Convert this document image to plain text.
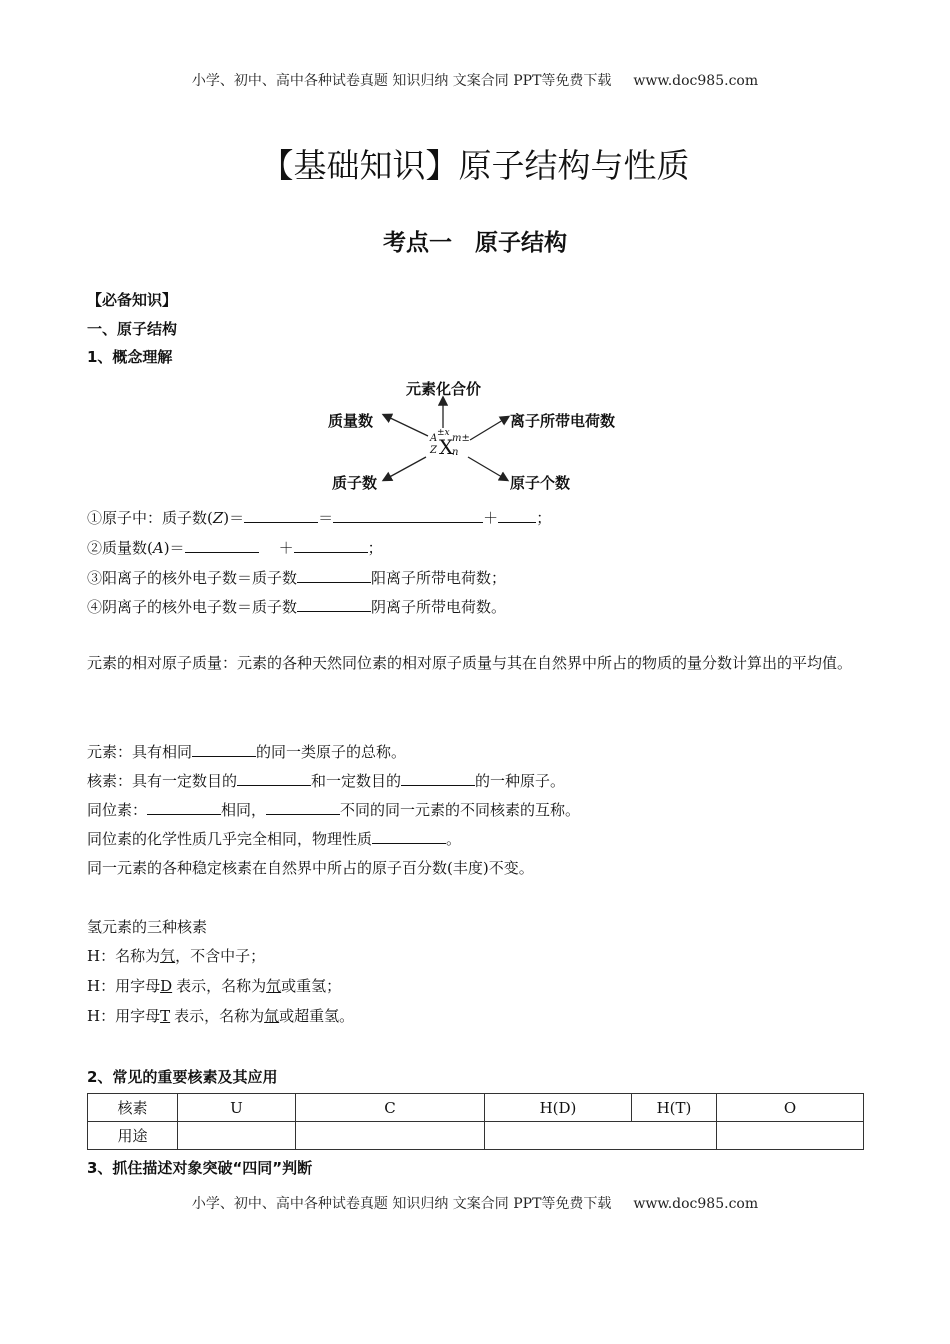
小学、初中、高中各种试卷真题 知识归纳 文案合同 PPT等免费下载 www.doc985.com
【基础知识】原子结构与性质
考点一　原子结构
【必备知识】
一、原子结构
1、概念理解
元素化合价
质量数	离子所带电荷数
质子数	原子个数
A
Z
±x
X
m±
n
①原子中：质子数(Z)＝	＝	＋	；
②质量数(A)＝	＋	；
③阳离子的核外电子数＝质子数	阳离子所带电荷数；
④阴离子的核外电子数＝质子数	阴离子所带电荷数。
元素的相对原子质量：元素的各种天然同位素的相对原子质量与其在自然界中所占的物质的量分数计算出的平均值。
元素：具有相同	的同一类原子的总称。
核素：具有一定数目的	和一定数目的	的一种原子。
同位素：	相同，	不同的同一元素的不同核素的互称。
同位素的化学性质几乎完全相同，物理性质	。
同一元素的各种稳定核素在自然界中所占的原子百分数(丰度)不变。
氢元素的三种核素
H：名称为氕，不含中子；
H：用字母D 表示，名称为氘或重氢；
H：用字母T 表示，名称为氚或超重氢。
2、常见的重要核素及其应用
核素	U	C	H(D)	H(T)	O
用途					
3、抓住描述对象突破“四同”判断
小学、初中、高中各种试卷真题 知识归纳 文案合同 PPT等免费下载 www.doc985.com
